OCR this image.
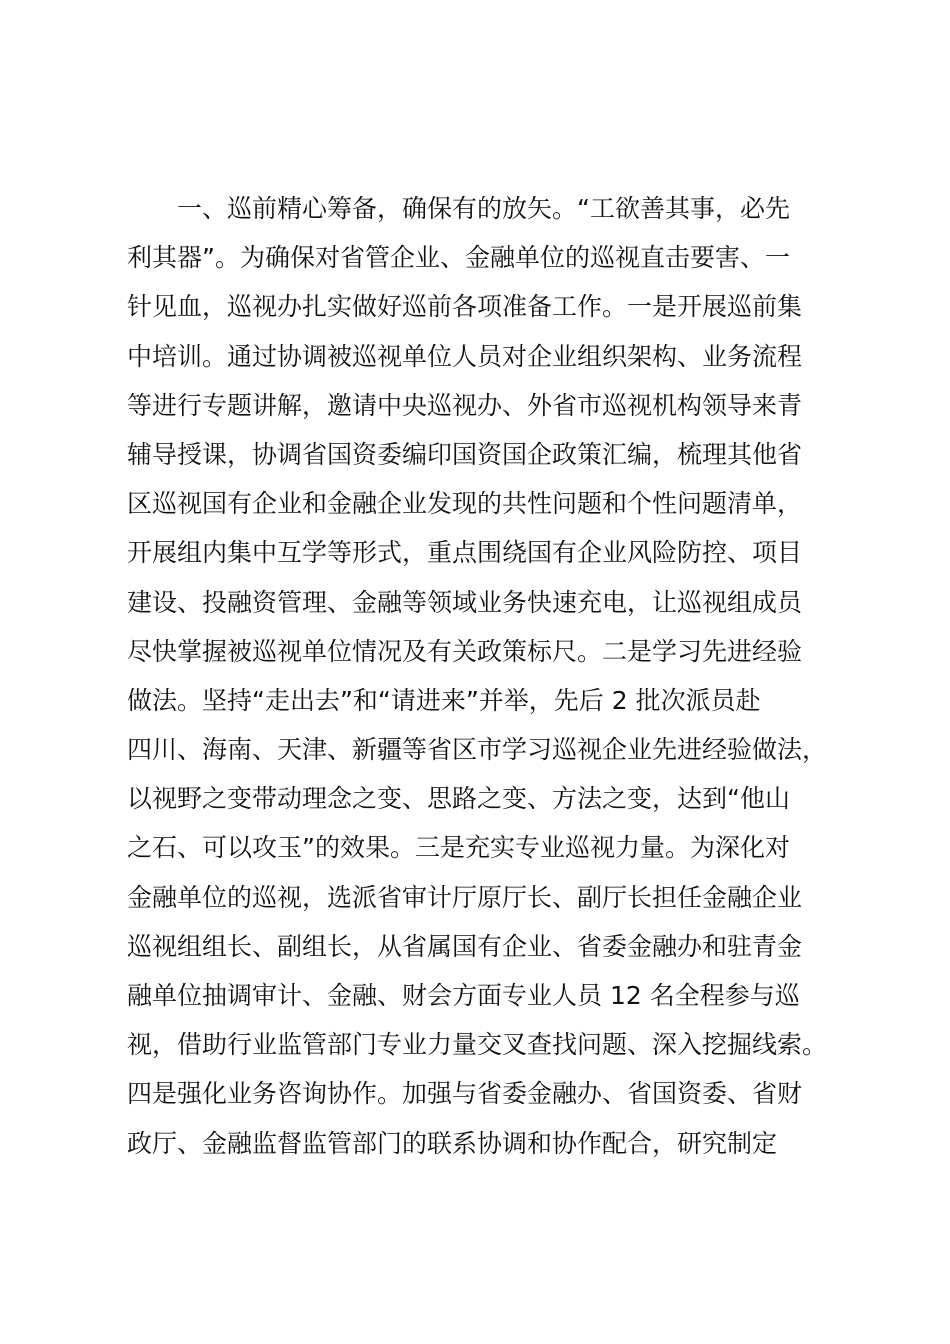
一、巡前精心筹备，确保有的放矢。“工欲善其事，必先
利其器”。为确保对省管企业、金融单位的巡视直击要害、一
针见血，巡视办扎实做好巡前各项准备工作。一是开展巡前集
中培训。通过协调被巡视单位人员对企业组织架构、业务流程
等进行专题讲解，邀请中央巡视办、外省市巡视机构领导来青
辅导授课，协调省国资委编印国资国企政策汇编，梳理其他省
区巡视国有企业和金融企业发现的共性问题和个性问题清单，
开展组内集中互学等形式，重点围绕国有企业风险防控、项目
建设、投融资管理、金融等领域业务快速充电，让巡视组成员
尽快掌握被巡视单位情况及有关政策标尺。二是学习先进经验
做法。坚持“走出去”和“请进来”并举，先后 2 批次派员赴
四川、海南、天津、新疆等省区市学习巡视企业先进经验做法，
以视野之变带动理念之变、思路之变、方法之变，达到“他山
之石、可以攻玉”的效果。三是充实专业巡视力量。为深化对
金融单位的巡视，选派省审计厅原厅长、副厅长担任金融企业
巡视组组长、副组长，从省属国有企业、省委金融办和驻青金
融单位抽调审计、金融、财会方面专业人员 12 名全程参与巡
视，借助行业监管部门专业力量交叉查找问题、深入挖掘线索。
四是强化业务咨询协作。加强与省委金融办、省国资委、省财
政厅、金融监督监管部门的联系协调和协作配合，研究制定
